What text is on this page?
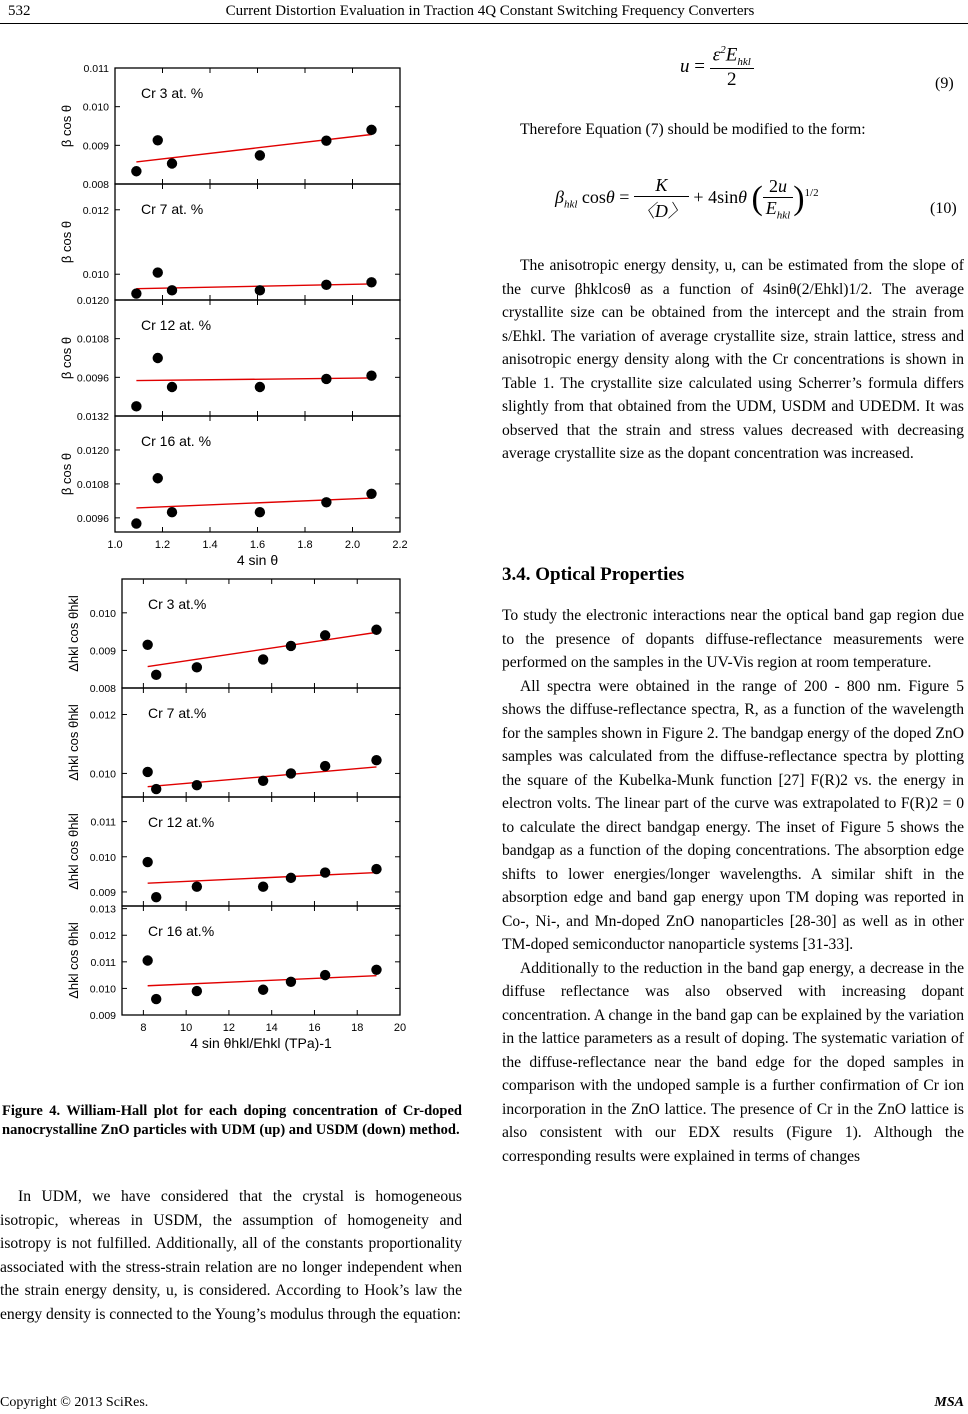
532	Current Distortion Evaluation in Traction 4Q Constant Switching Frequency Converters
0.008
0.009
0.010
0.011
Cr 3 at. %
β cos θ
0.010
0.012 Cr 7 at. %
β cos θ
0.0096
0.0108
0.0120
Cr 12 at. %
β cos θ
0.0096
0.0108
0.0120
0.0132
Cr 16 at. %
β cos θ
1.0	1.2	1.4	1.6	1.8	2.0	2.2
4 sin θ
0.008
0.009
0.010
Cr 3 at.%
Δhkl cos θhkl
0.010
0.012 Cr 7 at.%
Δhkl cos θhkl
0.009
0.010
0.011 Cr 12 at.%
Δhkl cos θhkl
0.009
0.010
0.011
0.012
0.013
Cr 16 at.%
Δhkl cos θhkl
8	10	12	14	16	18	20
4 sin θhkl/Ehkl (TPa)-1
Figure 4. William-Hall plot for each doping concentration of Cr-doped nanocrystalline ZnO particles with UDM (up) and USDM (down) method.

In UDM, we have considered that the crystal is homogeneous isotropic, whereas in USDM, the assumption of homogeneity and isotropy is not fulfilled. Additionally, all of the constants proportionality associated with the stress-strain relation are no longer independent when the strain energy density, u, is considered. According to Hook’s law the energy density is connected to the Young’s modulus through the equation:

$u = \frac{\varepsilon^2E_{hkl}}{2}$	(9)

Therefore Equation (7) should be modified to the form:

$\beta_{hkl}$ $\cos\theta = \frac{K}{〈D〉} + 4\sin\theta$ ( $\frac{2u}{E_{hkl}} )^{1/2}$
(10)

The anisotropic energy density, u, can be estimated from the slope of the curve βhklcosθ as a function of 4sinθ(2/Ehkl)1/2. The average crystallite size can be obtained from the intercept and the strain from s/Ehkl. The variation of average crystallite size, strain lattice, stress and anisotropic energy density along with the Cr concentrations is shown in Table 1. The crystallite size calculated using Scherrer’s formula differs slightly from that obtained from the UDM, USDM and UDEDM. It was observed that the strain and stress values decreased with decreasing average crystallite size as the dopant concentration was increased.

3.4. Optical Properties

To study the electronic interactions near the optical band gap region due to the presence of dopants diffuse-reflectance measurements were performed on the samples in the UV-Vis region at room temperature.

All spectra were obtained in the range of 200 - 800 nm. Figure 5 shows the diffuse-reflectance spectra, R, as a function of the wavelength for the samples shown in Figure 2. The bandgap energy of the doped ZnO samples was calculated from the diffuse-reflectance spectra by plotting the square of the Kubelka-Munk function [27] F(R)2 vs. the energy in electron volts. The linear part of the curve was extrapolated to F(R)2 = 0 to calculate the direct bandgap energy. The inset of Figure 5 shows the bandgap as a function of the doping concentrations. The absorption edge shifts to lower energies/longer wavelengths. A similar shift in the absorption edge and band gap energy upon TM doping was reported in Co-, Ni-, and Mn-doped ZnO nanoparticles [28-30] as well as in other TM-doped semiconductor nanoparticle systems [31-33].

Additionally to the reduction in the band gap energy, a decrease in the diffuse reflectance was also observed with increasing dopant concentration. A change in the band gap can be explained by the variation in the lattice parameters as a result of doping. The systematic variation of the diffuse-reflectance near the band edge for the doped samples in comparison with the undoped sample is a further confirmation of Cr ion incorporation in the ZnO lattice. The presence of Cr in the ZnO lattice is also consistent with our EDX results (Figure 1). Although the corresponding results were explained in terms of changes

Copyright © 2013 SciRes.	MSA
